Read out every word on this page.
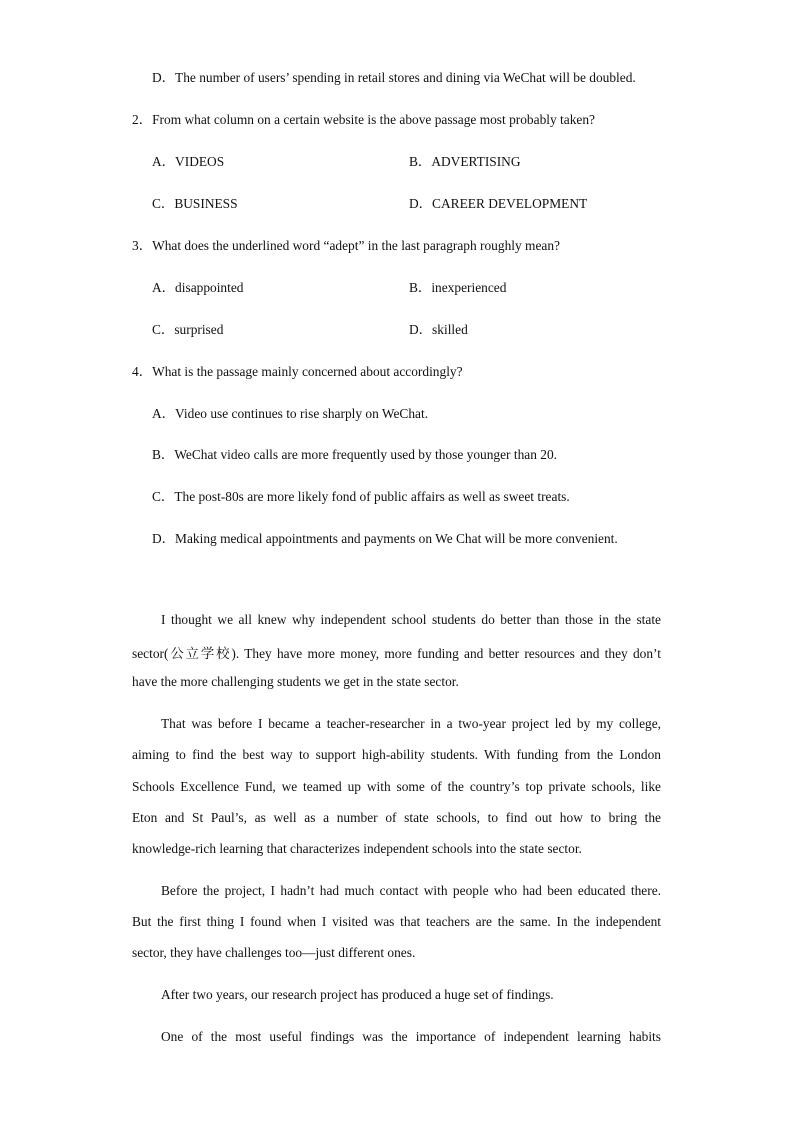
D．The number of users’ spending in retail stores and dining via WeChat will be doubled.
2．From what column on a certain website is the above passage most probably taken?
A．VIDEOS	B．ADVERTISING
C．BUSINESS	D．CAREER DEVELOPMENT
3．What does the underlined word “adept” in the last paragraph roughly mean?
A．disappointed	B．inexperienced
C．surprised	D．skilled
4．What is the passage mainly concerned about accordingly?
A．Video use continues to rise sharply on WeChat.
B．WeChat video calls are more frequently used by those younger than 20.
C．The post-80s are more likely fond of public affairs as well as sweet treats.
D．Making medical appointments and payments on We Chat will be more convenient.
I thought we all knew why independent school students do better than those in the state
sector(公立学校). They have more money, more funding and better resources and they don’t
have the more challenging students we get in the state sector.
That was before I became a teacher-researcher in a two-year project led by my college,
aiming to find the best way to support high-ability students. With funding from the London
Schools Excellence Fund, we teamed up with some of the country’s top private schools, like
Eton and St Paul’s, as well as a number of state schools, to find out how to bring the
knowledge-rich learning that characterizes independent schools into the state sector.
Before the project, I hadn’t had much contact with people who had been educated there.
But the first thing I found when I visited was that teachers are the same. In the independent
sector, they have challenges too—just different ones.
After two years, our research project has produced a huge set of findings.
One of the most useful findings was the importance of independent learning habits
